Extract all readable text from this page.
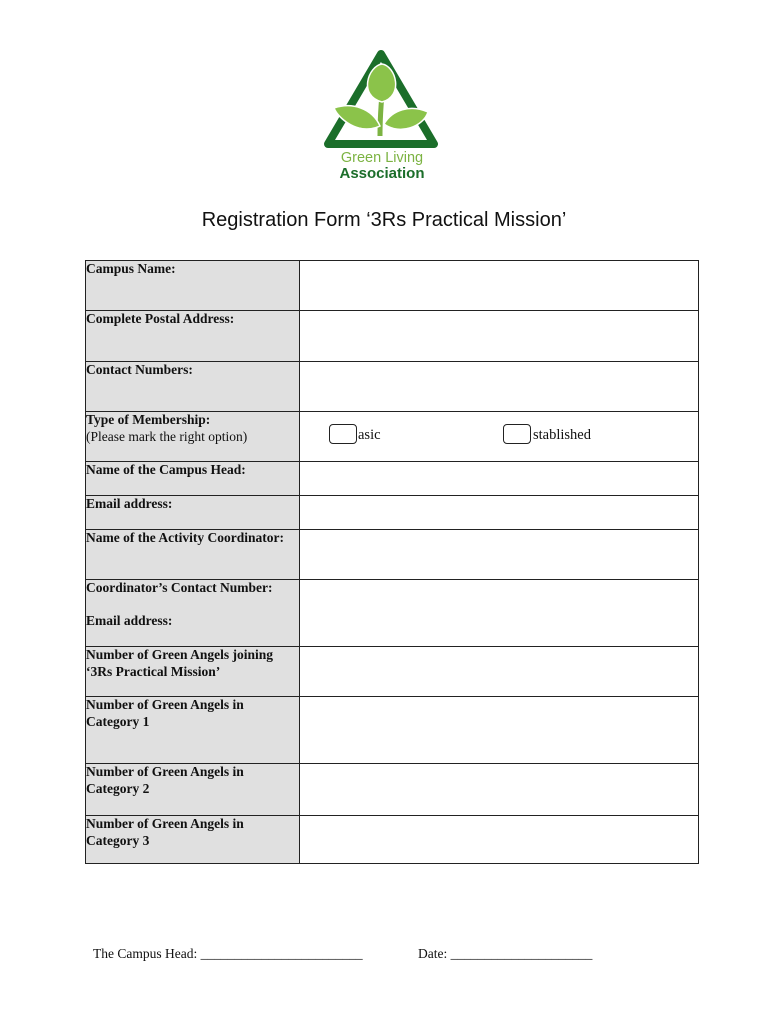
Green Living
Association
Registration Form ‘3Rs Practical Mission’
Campus Name:	

Complete Postal Address:	

Contact Numbers:	

Type of Membership:
(Please mark the right option)	asic stablished

Name of the Campus Head:	

Email address:	

Name of the Activity Coordinator:	

Coordinator’s Contact Number:
Email address:	

Number of Green Angels joining ‘3Rs Practical Mission’	

Number of Green Angels in Category 1	

Number of Green Angels in Category 2	

Number of Green Angels in Category 3	

The Campus Head: ________________________	Date: _____________________
